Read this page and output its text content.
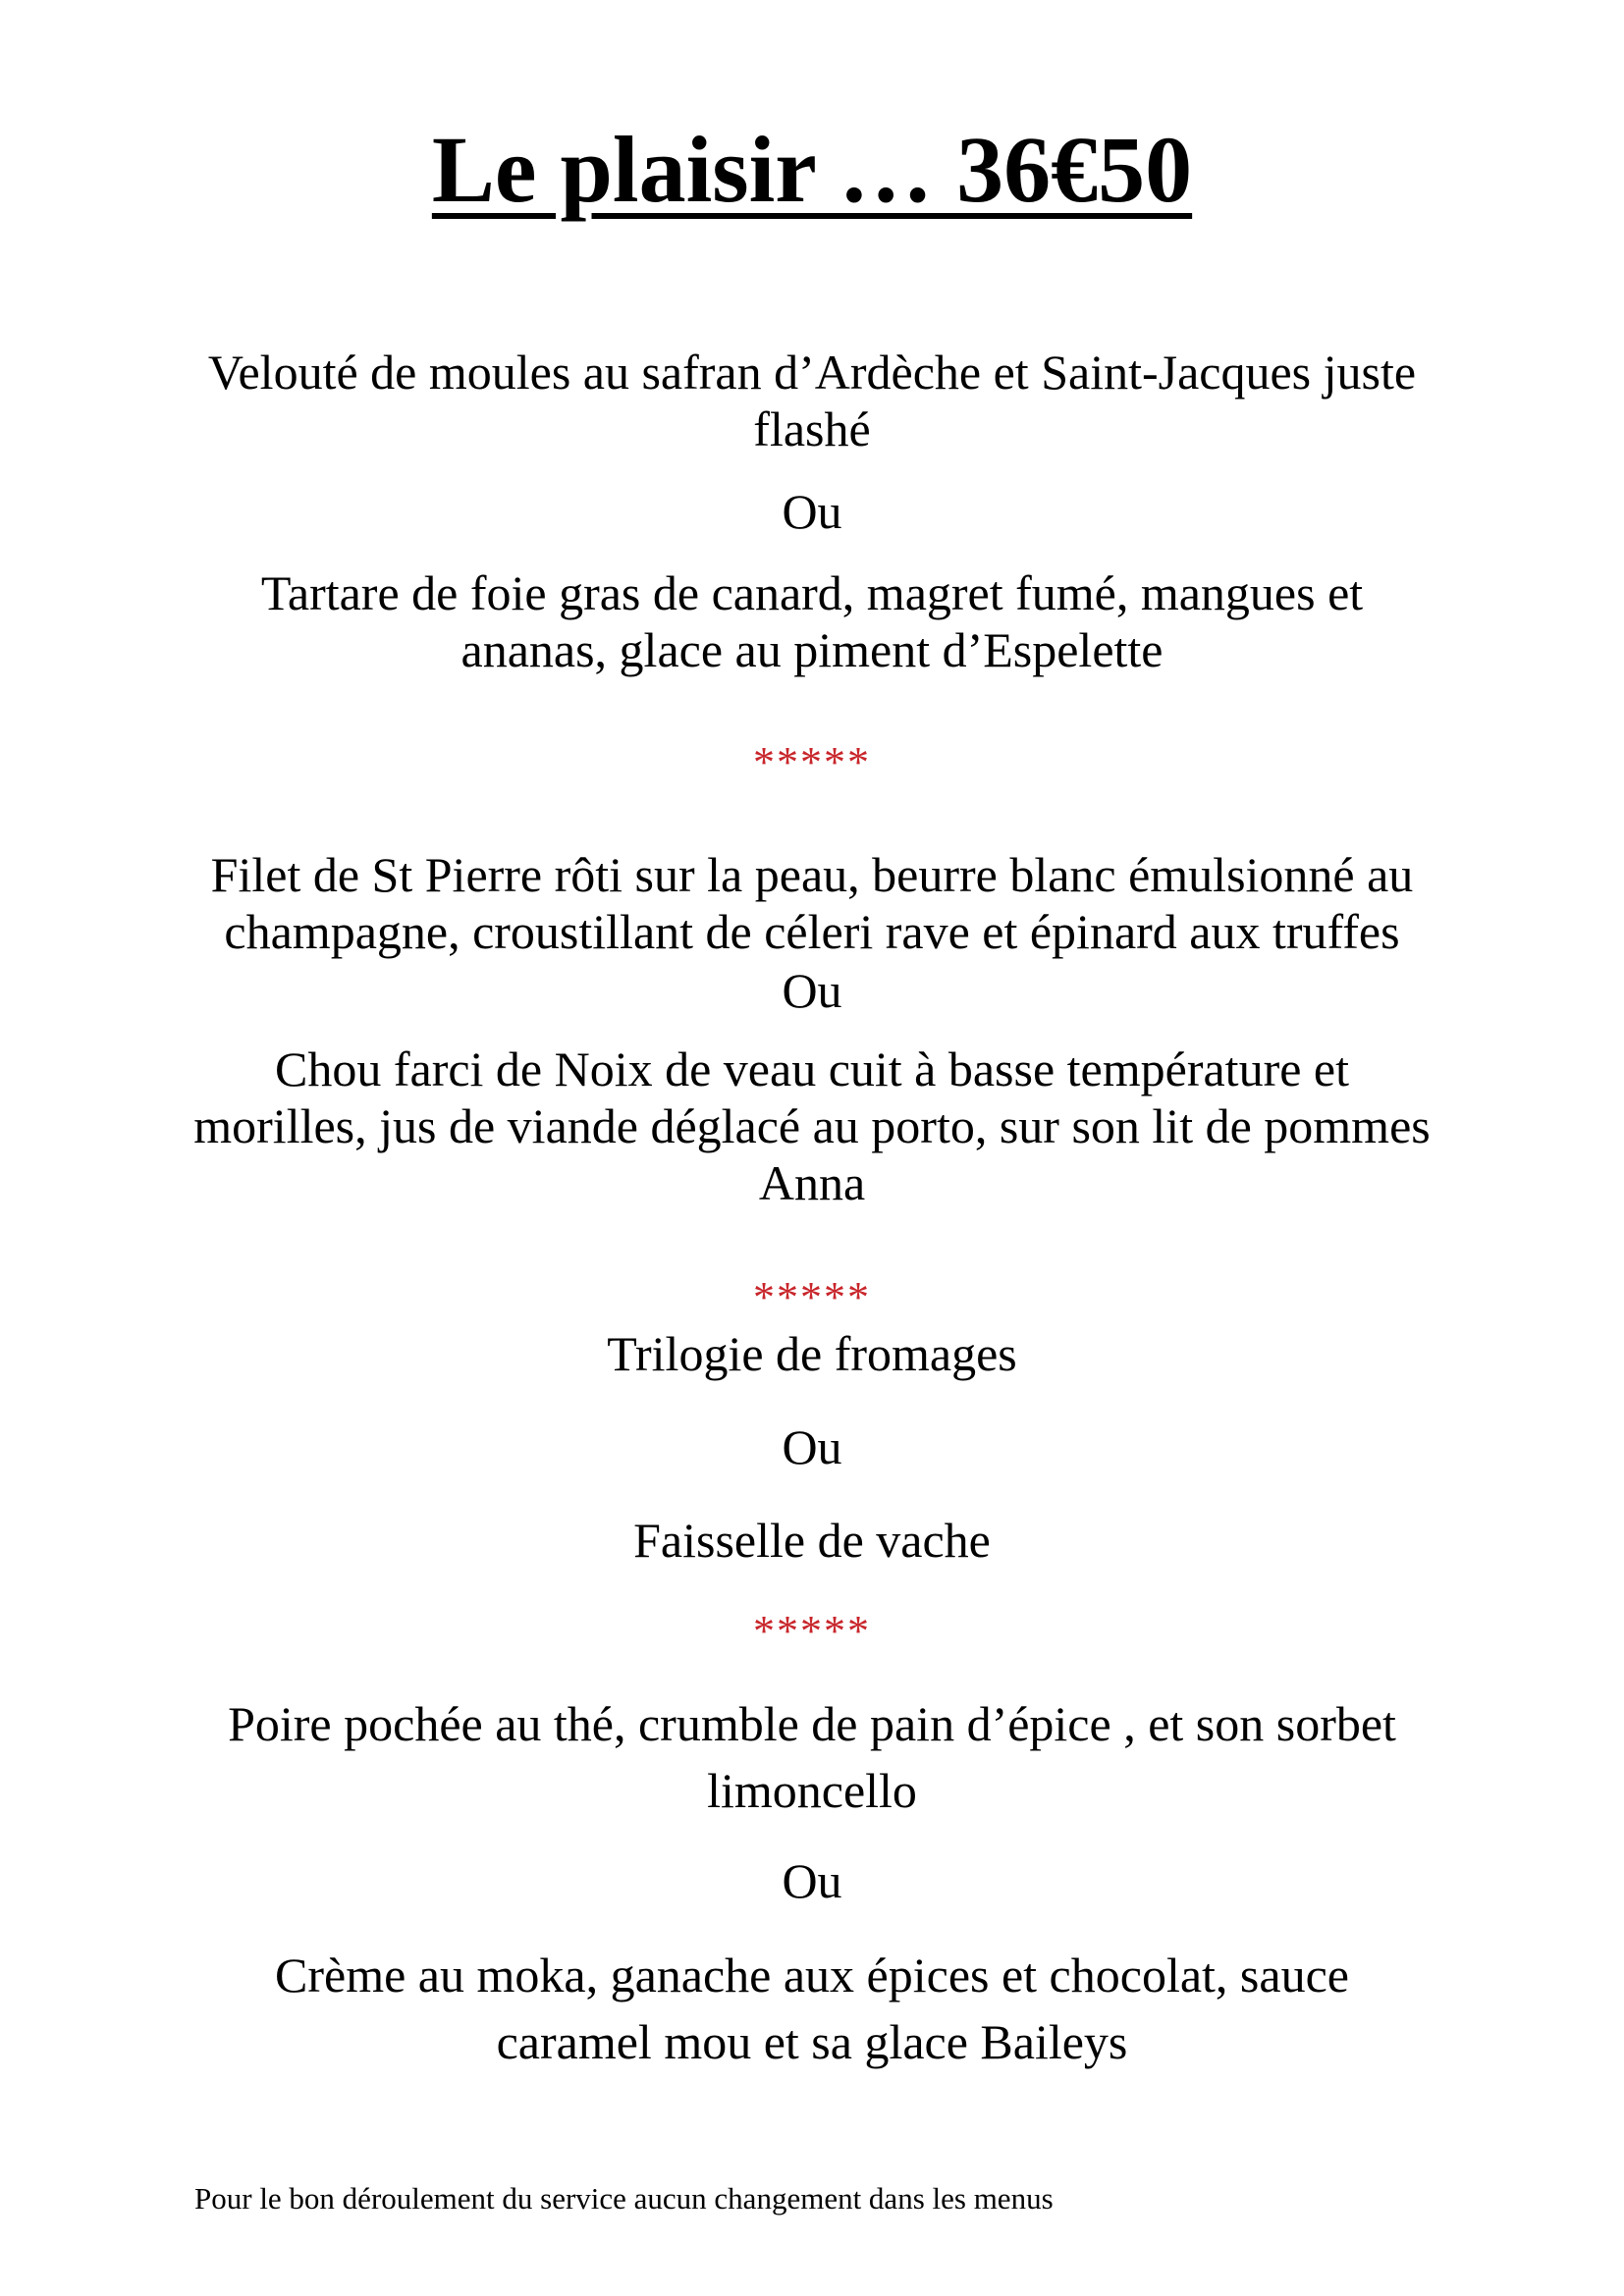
Le plaisir … 36€50

Velouté de moules au safran d’Ardèche et Saint-Jacques juste flashé

Ou

Tartare de foie gras de canard, magret fumé, mangues et ananas, glace au piment d’Espelette

*****

Filet de St Pierre rôti sur la peau, beurre blanc émulsionné au champagne, croustillant de céleri rave et épinard aux truffes

Ou

Chou farci de Noix de veau cuit à basse température et morilles, jus de viande déglacé au porto, sur son lit de pommes Anna

*****

Trilogie de fromages

Ou

Faisselle de vache

*****

Poire pochée au thé, crumble de pain d’épice , et son sorbet limoncello

Ou

Crème au moka, ganache aux épices et chocolat, sauce caramel mou et sa glace Baileys

Pour le bon déroulement du service aucun changement dans les menus
